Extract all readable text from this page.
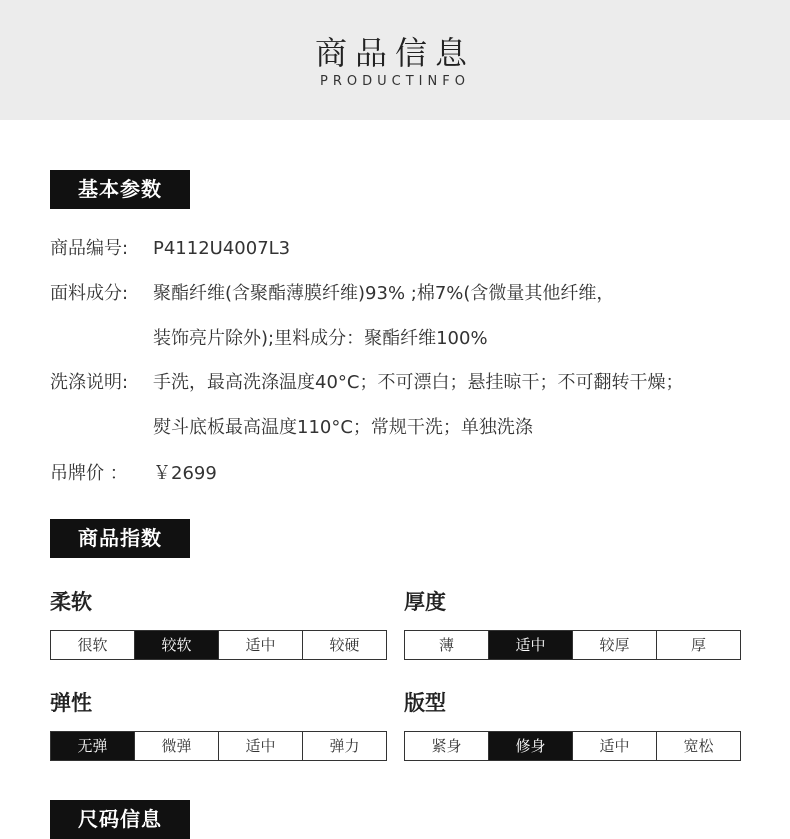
商品信息
PRODUCTINFO
基本参数
商品编号: P4112U4007L3
面料成分: 聚酯纤维(含聚酯薄膜纤维)93% ;棉7%(含微量其他纤维，
装饰亮片除外);里料成分：聚酯纤维100%
洗涤说明: 手洗，最高洗涤温度40°C；不可漂白；悬挂晾干；不可翻转干燥；
熨斗底板最高温度110°C；常规干洗；单独洗涤
吊牌价 ： ￥2699
商品指数
柔软
很软	较软	适中	较硬
厚度
薄	适中	较厚	厚
弹性
无弹	微弹	适中	弹力
版型
紧身	修身	适中	宽松
尺码信息
